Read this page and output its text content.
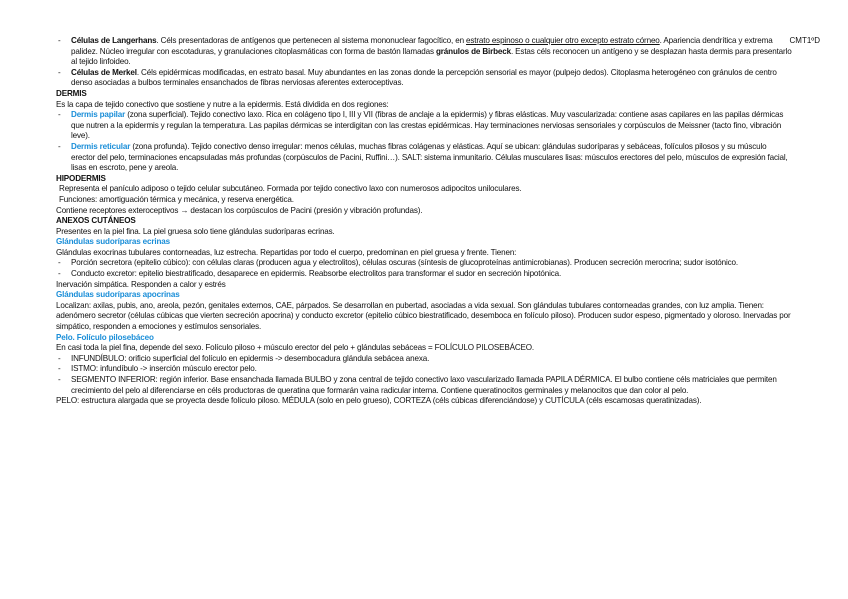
CMT1ºD

- Células de Langerhans. Céls presentadoras de antígenos que pertenecen al sistema mononuclear fagocítico, en estrato espinoso o cualquier otro excepto estrato córneo. Apariencia dendrítica y extrema palidez. Núcleo irregular con escotaduras, y granulaciones citoplasmáticas con forma de bastón llamadas gránulos de Birbeck. Estas céls reconocen un antígeno y se desplazan hasta dermis para presentarlo al tejido linfoideo.

- Células de Merkel. Céls epidérmicas modificadas, en estrato basal. Muy abundantes en las zonas donde la percepción sensorial es mayor (pulpejo dedos). Citoplasma heterogéneo con gránulos de centro denso asociadas a bulbos terminales ensanchados de fibras nerviosas aferentes exteroceptivas.

DERMIS

Es la capa de tejido conectivo que sostiene y nutre a la epidermis. Está dividida en dos regiones:

- Dermis papilar (zona superficial). Tejido conectivo laxo. Rica en colágeno tipo I, III y VII (fibras de anclaje a la epidermis) y fibras elásticas. Muy vascularizada: contiene asas capilares en las papilas dérmicas que nutren a la epidermis y regulan la temperatura. Las papilas dérmicas se interdigitan con las crestas epidérmicas. Hay terminaciones nerviosas sensoriales y corpúsculos de Meissner (tacto fino, vibración leve).

- Dermis reticular (zona profunda). Tejido conectivo denso irregular: menos células, muchas fibras colágenas y elásticas. Aquí se ubican: glándulas sudoríparas y sebáceas, folículos pilosos y su músculo erector del pelo, terminaciones encapsuladas más profundas (corpúsculos de Pacini, Ruffini…). SALT: sistema inmunitario. Células musculares lisas: músculos erectores del pelo, músculos de expresión facial, lisas en escroto, pene y areola.

HIPODERMIS

Representa el panículo adiposo o tejido celular subcutáneo. Formada por tejido conectivo laxo con numerosos adipocitos uniloculares.

Funciones: amortiguación térmica y mecánica, y reserva energética.

Contiene receptores exteroceptivos → destacan los corpúsculos de Pacini (presión y vibración profundas).

ANEXOS CUTÁNEOS

Presentes en la piel fina. La piel gruesa solo tiene glándulas sudoríparas ecrinas.

Glándulas sudoríparas ecrinas

Glándulas exocrinas tubulares contorneadas, luz estrecha. Repartidas por todo el cuerpo, predominan en piel gruesa y frente. Tienen:

- Porción secretora (epitelio cúbico): con células claras (producen agua y electrolitos), células oscuras (síntesis de glucoproteínas antimicrobianas). Producen secreción merocrina; sudor isotónico.

- Conducto excretor: epitelio biestratificado, desaparece en epidermis. Reabsorbe electrolitos para transformar el sudor en secreción hipotónica.

Inervación simpática. Responden a calor y estrés

Glándulas sudoríparas apocrinas

Localizan: axilas, pubis, ano, areola, pezón, genitales externos, CAE, párpados. Se desarrollan en pubertad, asociadas a vida sexual. Son glándulas tubulares contorneadas grandes, con luz amplia. Tienen: adenómero secretor (células cúbicas que vierten secreción apocrina) y conducto excretor (epitelio cúbico biestratificado, desemboca en folículo piloso). Producen sudor espeso, pigmentado y oloroso. Inervadas por simpático, responden a emociones y estímulos sensoriales.

Pelo. Folículo pilosebáceo

En casi toda la piel fina, depende del sexo. Folículo piloso + músculo erector del pelo + glándulas sebáceas = FOLÍCULO PILOSEBÁCEO.

- INFUNDÍBULO: orificio superficial del folículo en epidermis -> desembocadura glándula sebácea anexa.

- ISTMO: infundíbulo -> inserción músculo erector pelo.

- SEGMENTO INFERIOR: región inferior. Base ensanchada llamada BULBO y zona central de tejido conectivo laxo vascularizado llamada PAPILA DÉRMICA. El bulbo contiene céls matriciales que permiten crecimiento del pelo al diferenciarse en céls productoras de queratina que formarán vaina radicular interna. Contiene queratinocitos germinales y melanocitos que dan color al pelo.

PELO: estructura alargada que se proyecta desde folículo piloso. MÉDULA (solo en pelo grueso), CORTEZA (céls cúbicas diferenciándose) y CUTÍCULA (céls escamosas queratinizadas).
